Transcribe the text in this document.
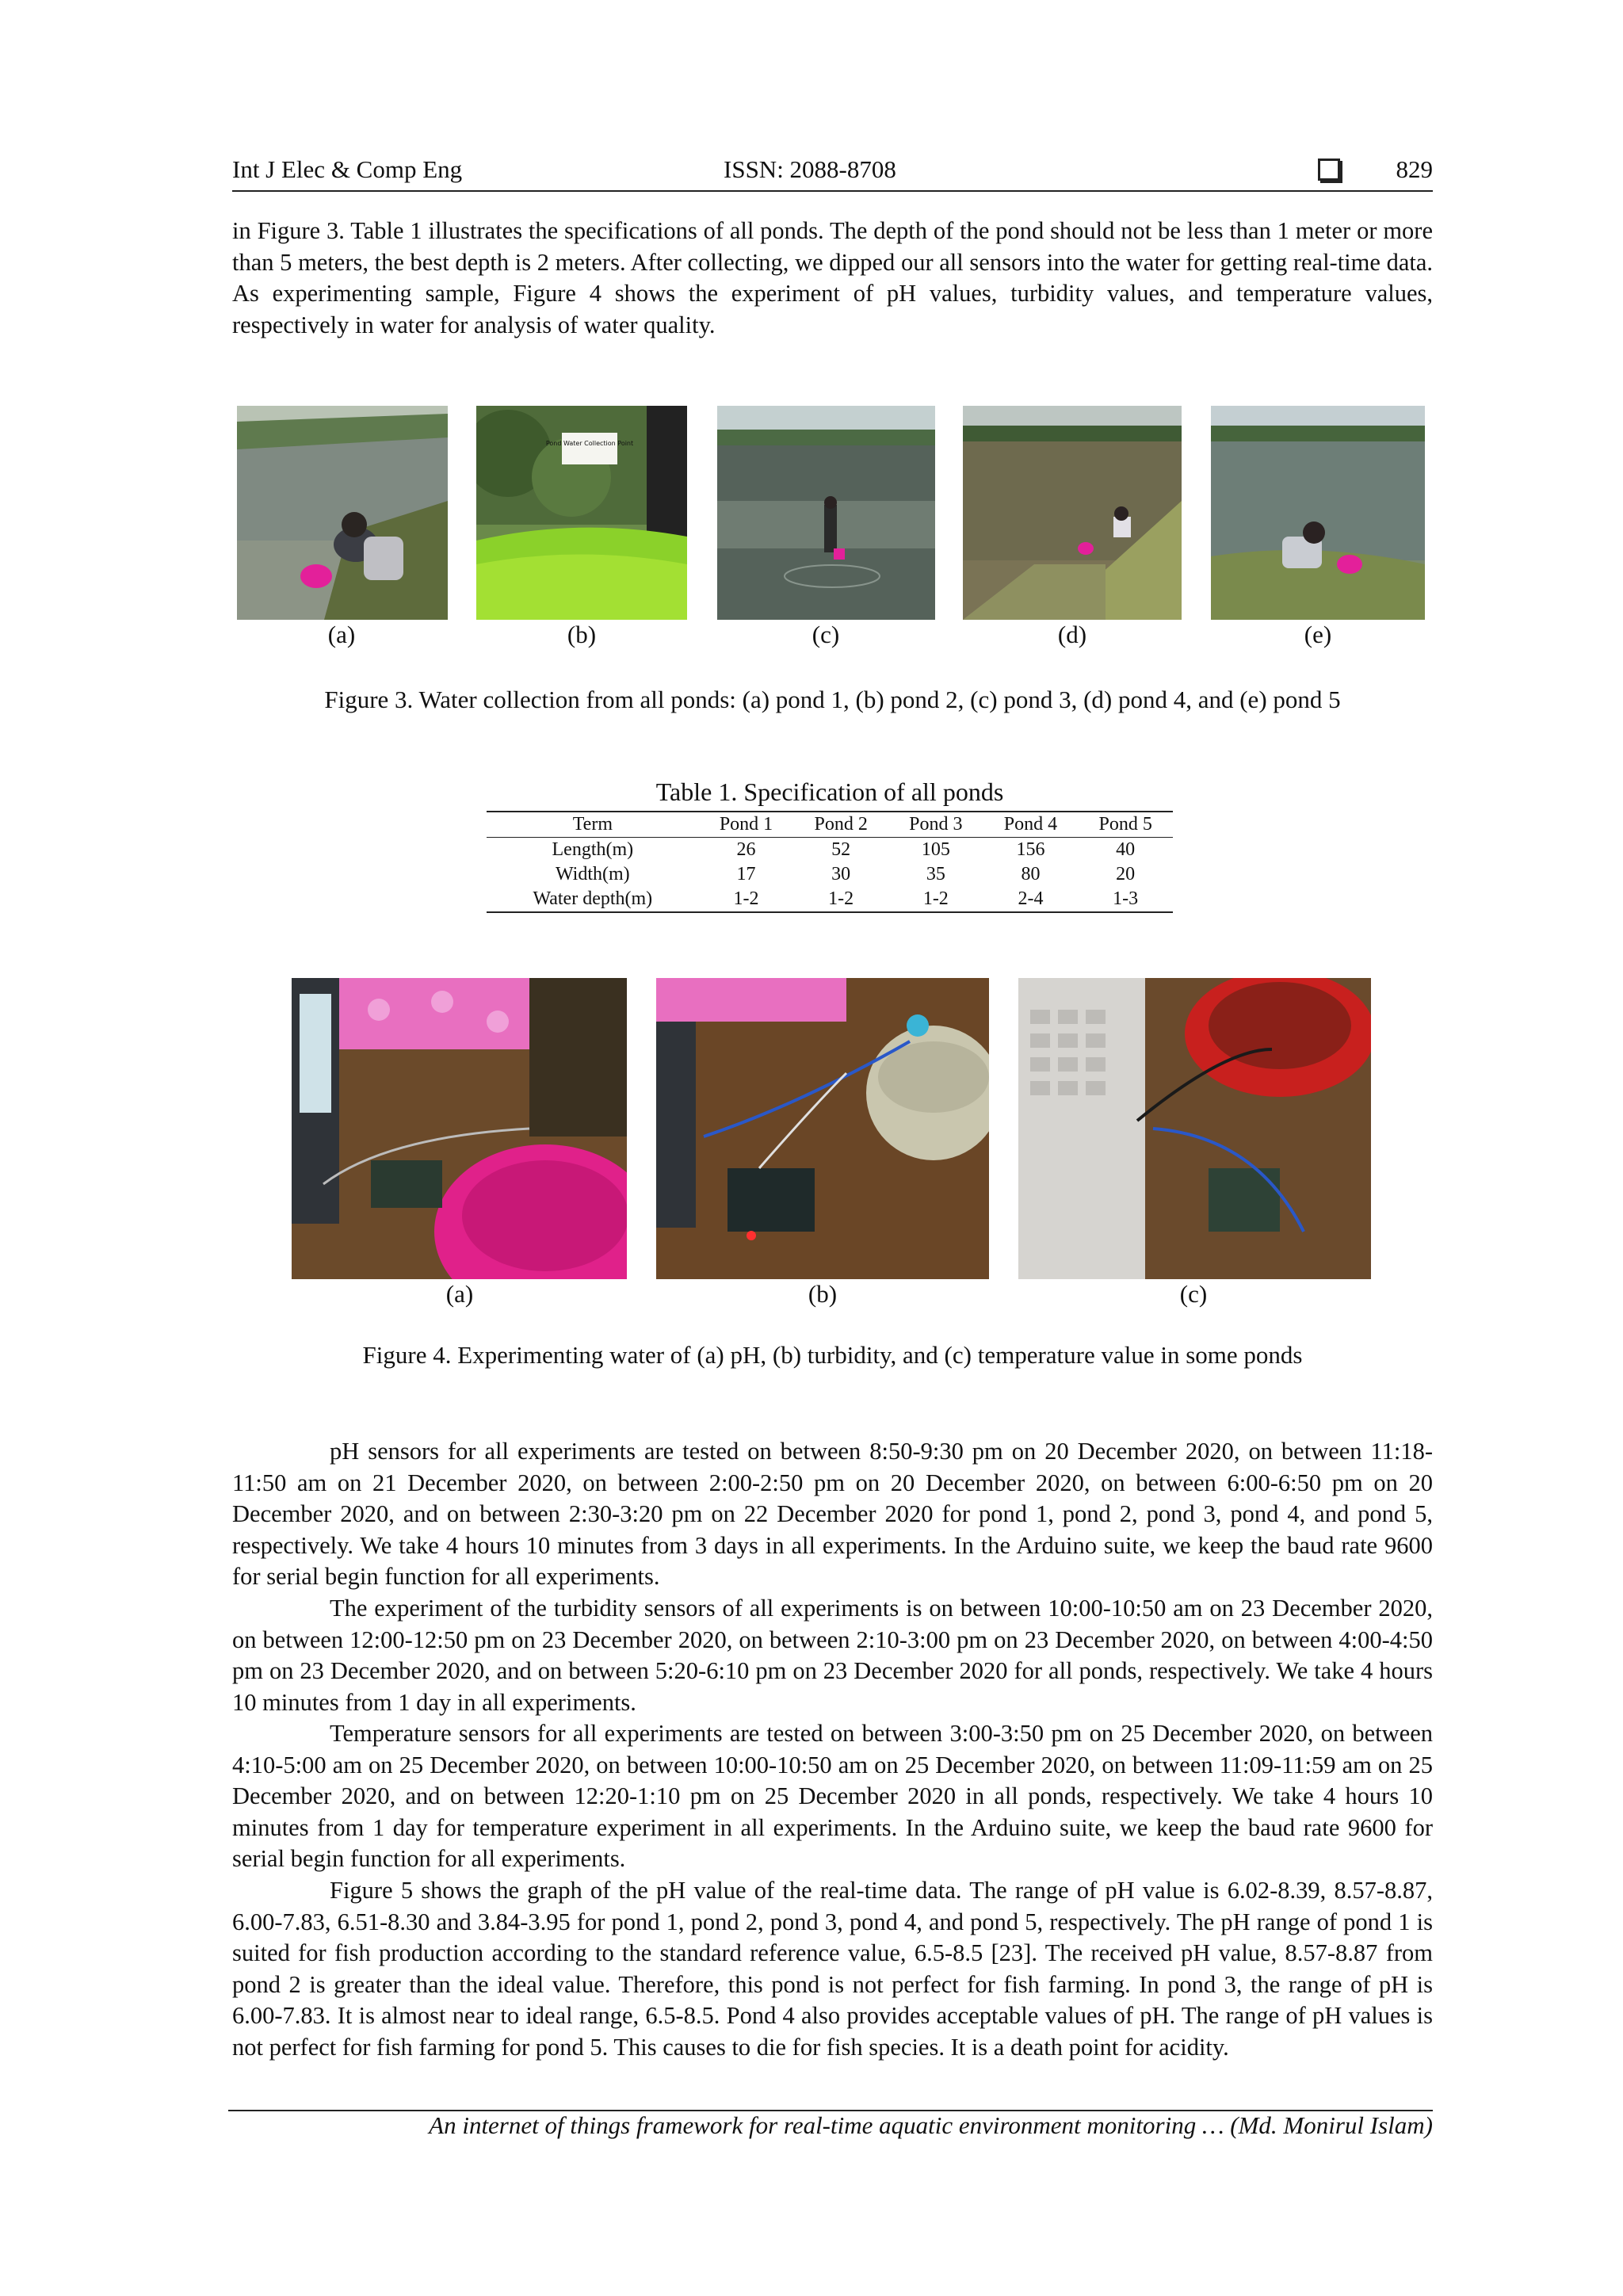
Int J Elec & Comp Eng	ISSN: 2088-8708	829

in Figure 3. Table 1 illustrates the specifications of all ponds. The depth of the pond should not be less than 1 meter or more than 5 meters, the best depth is 2 meters. After collecting, we dipped our all sensors into the water for getting real-time data. As experimenting sample, Figure 4 shows the experiment of pH values, turbidity values, and temperature values, respectively in water for analysis of water quality.

Pond Water Collection Point
(a)	(b)	(c)	(d)	(e)
Figure 3. Water collection from all ponds: (a) pond 1, (b) pond 2, (c) pond 3, (d) pond 4, and (e) pond 5
Table 1. Specification of all ponds
Term	Pond 1	Pond 2	Pond 3	Pond 4	Pond 5
Length(m)	26	52	105	156	40
Width(m)	17	30	35	80	20
Water depth(m)	1-2	1-2	1-2	2-4	1-3
(a)	(b)	(c)
Figure 4. Experimenting water of (a) pH, (b) turbidity, and (c) temperature value in some ponds

pH sensors for all experiments are tested on between 8:50-9:30 pm on 20 December 2020, on between 11:18-11:50 am on 21 December 2020, on between 2:00-2:50 pm on 20 December 2020, on between 6:00-6:50 pm on 20 December 2020, and on between 2:30-3:20 pm on 22 December 2020 for pond 1, pond 2, pond 3, pond 4, and pond 5, respectively. We take 4 hours 10 minutes from 3 days in all experiments. In the Arduino suite, we keep the baud rate 9600 for serial begin function for all experiments.

The experiment of the turbidity sensors of all experiments is on between 10:00-10:50 am on 23 December 2020, on between 12:00-12:50 pm on 23 December 2020, on between 2:10-3:00 pm on 23 December 2020, on between 4:00-4:50 pm on 23 December 2020, and on between 5:20-6:10 pm on 23 December 2020 for all ponds, respectively. We take 4 hours 10 minutes from 1 day in all experiments.

Temperature sensors for all experiments are tested on between 3:00-3:50 pm on 25 December 2020, on between 4:10-5:00 am on 25 December 2020, on between 10:00-10:50 am on 25 December 2020, on between 11:09-11:59 am on 25 December 2020, and on between 12:20-1:10 pm on 25 December 2020 in all ponds, respectively. We take 4 hours 10 minutes from 1 day for temperature experiment in all experiments. In the Arduino suite, we keep the baud rate 9600 for serial begin function for all experiments.

Figure 5 shows the graph of the pH value of the real-time data. The range of pH value is 6.02-8.39, 8.57-8.87, 6.00-7.83, 6.51-8.30 and 3.84-3.95 for pond 1, pond 2, pond 3, pond 4, and pond 5, respectively. The pH range of pond 1 is suited for fish production according to the standard reference value, 6.5-8.5 [23]. The received pH value, 8.57-8.87 from pond 2 is greater than the ideal value. Therefore, this pond is not perfect for fish farming. In pond 3, the range of pH is 6.00-7.83. It is almost near to ideal range, 6.5-8.5. Pond 4 also provides acceptable values of pH. The range of pH values is not perfect for fish farming for pond 5. This causes to die for fish species. It is a death point for acidity.

An internet of things framework for real-time aquatic environment monitoring … (Md. Monirul Islam)
